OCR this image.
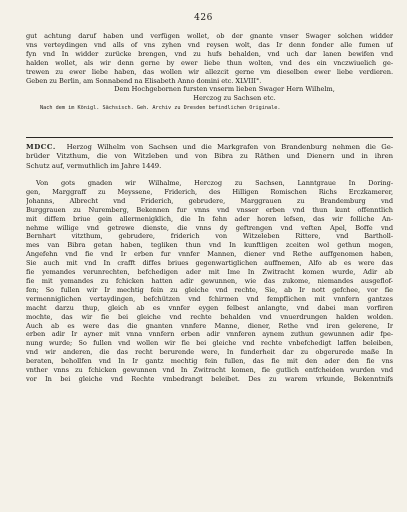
426
gut achtung daruf haben und verfügen wollet, ob der gnante vnser Swager solchen widder
vns verteydingen vnd alls of vns zyhen vnd reysen wolt, das Ir denn fonder alle fumen uf
fyn vnd In widder zurücke brengen, vnd zu hufs behalden, vnd uch dar lanen bewifen vnd
halden wollet, als wir denn gerne by ewer liebe thun wolten, vnd des ein vnczwiuelich ge-
trewen zu ewer liebe haben, das wollen wir allezcit gerne vm dieselben ewer liebe verdieren.
Geben zu Berlin, am Sonnabend na Elisabeth Anno domini etc. XLVIII°.
Dem Hochgebornen fursten vnserm lieben Swager Hern Wilhelm,
Herczog zu Sachsen etc.
Nach dem im Königl. Sächsisch. Geh. Archiv zu Dresden befindlichen Originale.
MDCC. Herzog Wilhelm von Sachsen und die Markgrafen von Brandenburg nehmen die Ge-
brüder Vitzthum, die von Witzleben und von Bibra zu Räthen und Dienern und in ihren
Schutz auf, vermuthlich im Jahre 1449.
Von gots gnaden wir Wilhalme, Herczog zu Sachsen, Lanntgraue In Doring-
gen, Marggraff zu Meyssene, Friderich, des Hilligen Romischen Richs Erczkamerer,
Johanns, Albrecht vnd Friderich, gebrudere, Marggrauen zu Brandemburg vnd
Burggrauen zu Nuremberg, Bekennen fur vnns vnd vnsser erben vnd thun kunt offenntlich
mit diffem briue gein allermenigklich, die In fehn ader horen lefsen, das wir folliche An-
nehme willige vnd getrewe dienste, die vnns dy geftrengen vnd veften Apel, Boffe vnd
Bernhart vitzthum, gebrudere, friderich von Witzeleben Rittere, vnd Bartholl-
mes van Bibra getan haben, tegliken thun vnd In kunftligen zceiten wol gethun mogen,
Angefehn vnd fie vnd Ir erben fur vnnfer Mannen, diener vnd Rethe auffgenomen haben,
Sie auch mit vnd In crafft diffes briues gegenwartiglichen auffnemen, Alfo ab es were das
fie yemandes verunrechten, befchedigen ader mit Ime In Zwitracht komen wurde, Adir ab
fie mit yemandes zu fchicken hatten adir gewunnen, wie das zukome, niemandes ausgeflof-
fen; So fullen wir Ir mechtig fein zu gleiche vnd rechte, Sie, ab Ir nott gefchee, vor fie
vermenniglichen vertaydingen, befchützen vnd fchirmen vnd fempflichen mit vnnfern gantzes
macht darzu thup, gleich ab es vnnfer eygen felbest anlangte, vnd dabei man vorfiren
mochte, das wir fie bei gleiche vnd rechte behalden vnd vnuerdrungen halden wolden.
Auch ab es were das die gnanten vnnfere Manne, diener, Rethe vnd iren gelerene, Ir
erben adir Ir ayner mit vnna vnnfern erben adir vnnferen aynem zuthun gewunnen adir fpe-
nung wurde; So fullen vnd wollen wir fie bei gleiche vnd rechte vnbefchedigt laffen beleiben,
vnd wir anderen, die das recht berurende were, In funderheit dar zu obgerurede maße In
beraten, behollfen vnd In Ir gantz mechtig fein fullen, das fie mit den ader den fie vns
vnther vnns zu fchicken gewunnen vnd In Zwitracht komen, fie gutlich entfcheiden wurden vnd
vor In bei gleiche vnd Rechte vmbedrangt beleibet. Des zu warem vrkunde, Bekenntnifs
